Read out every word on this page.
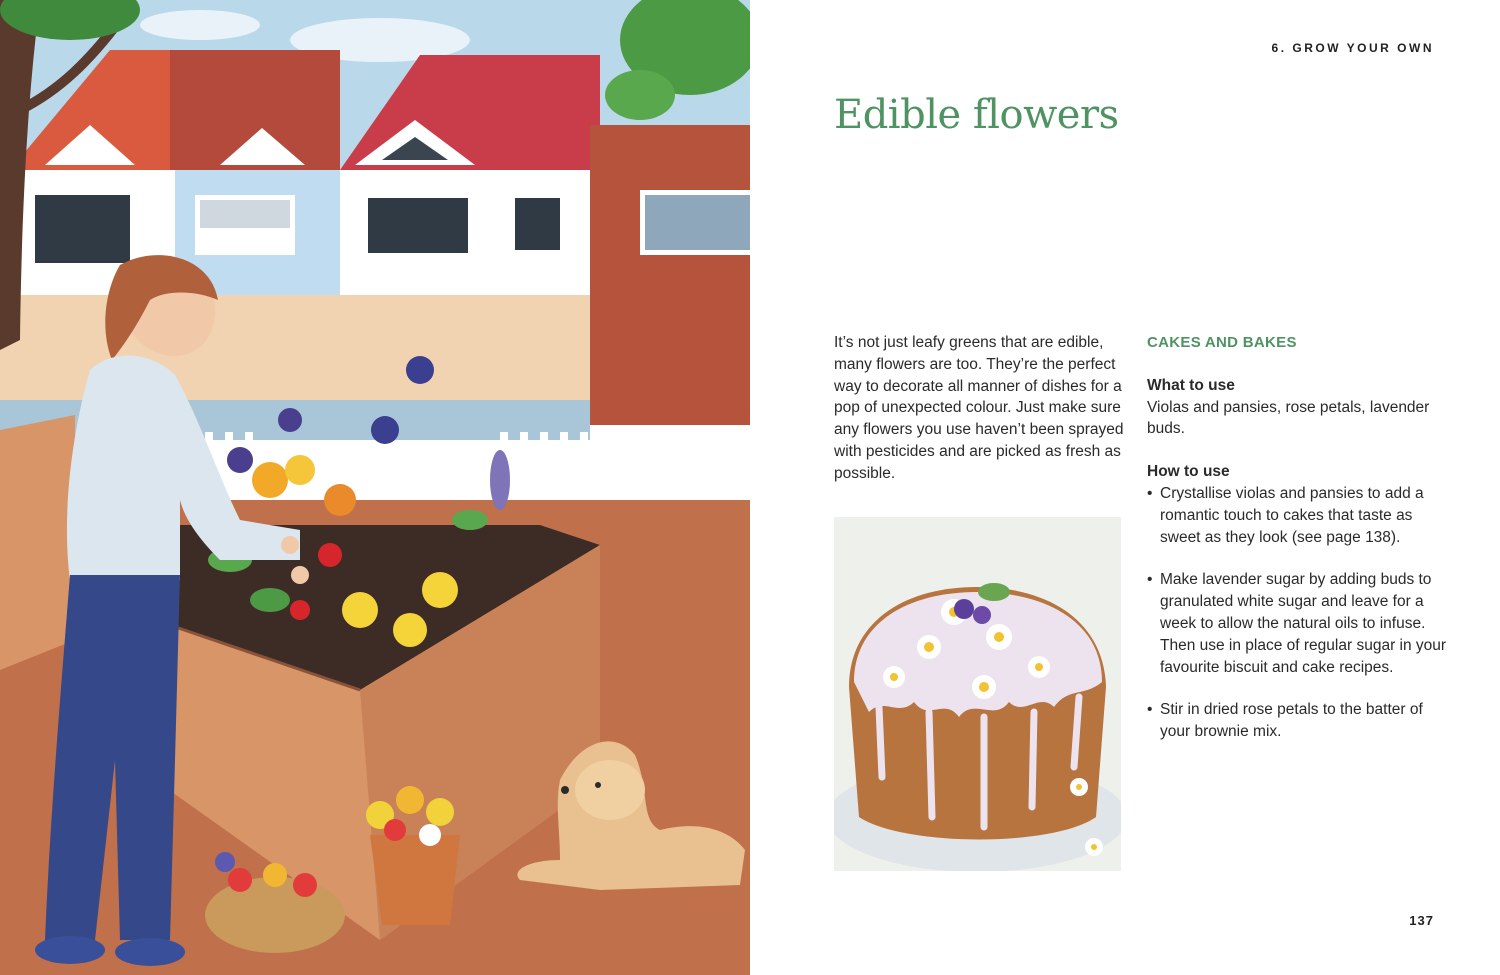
6. GROW YOUR OWN
Edible flowers
It’s not just leafy greens that are edible, many flowers are too. They’re the perfect way to decorate all manner of dishes for a pop of unexpected colour. Just make sure any flowers you use haven’t been sprayed with pesticides and are picked as fresh as possible.
CAKES AND BAKES
What to use
Violas and pansies, rose petals, lavender buds.
How to use
• Crystallise violas and pansies to add a romantic touch to cakes that taste as sweet as they look (see page 138).
• Make lavender sugar by adding buds to granulated white sugar and leave for a week to allow the natural oils to infuse. Then use in place of regular sugar in your favourite biscuit and cake recipes.
• Stir in dried rose petals to the batter of your brownie mix.
137
